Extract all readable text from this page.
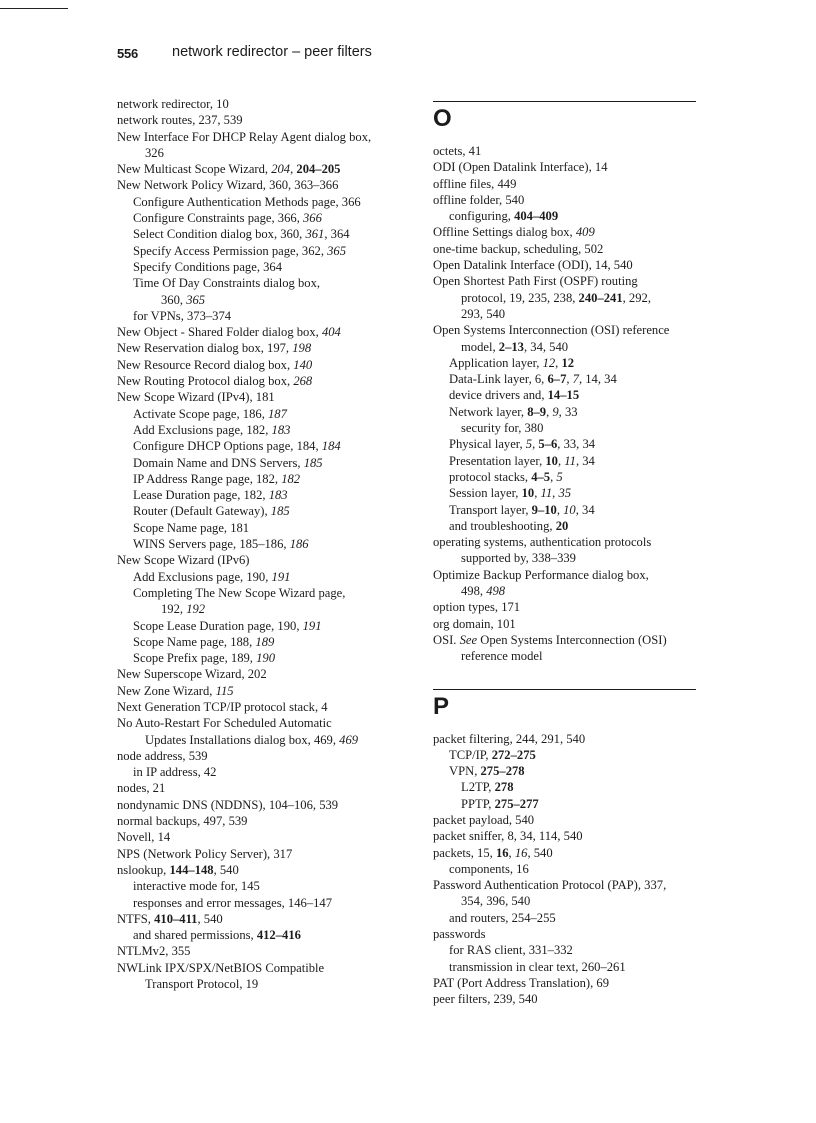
556 network redirector – peer filters
network redirector, 10
network routes, 237, 539
New Interface For DHCP Relay Agent dialog box,
326
New Multicast Scope Wizard, 204, 204–205
New Network Policy Wizard, 360, 363–366
Configure Authentication Methods page, 366
Configure Constraints page, 366, 366
Select Condition dialog box, 360, 361, 364
Specify Access Permission page, 362, 365
Specify Conditions page, 364
Time Of Day Constraints dialog box,
360, 365
for VPNs, 373–374
New Object - Shared Folder dialog box, 404
New Reservation dialog box, 197, 198
New Resource Record dialog box, 140
New Routing Protocol dialog box, 268
New Scope Wizard (IPv4), 181
Activate Scope page, 186, 187
Add Exclusions page, 182, 183
Configure DHCP Options page, 184, 184
Domain Name and DNS Servers, 185
IP Address Range page, 182, 182
Lease Duration page, 182, 183
Router (Default Gateway), 185
Scope Name page, 181
WINS Servers page, 185–186, 186
New Scope Wizard (IPv6)
Add Exclusions page, 190, 191
Completing The New Scope Wizard page,
192, 192
Scope Lease Duration page, 190, 191
Scope Name page, 188, 189
Scope Prefix page, 189, 190
New Superscope Wizard, 202
New Zone Wizard, 115
Next Generation TCP/IP protocol stack, 4
No Auto-Restart For Scheduled Automatic
Updates Installations dialog box, 469, 469
node address, 539
in IP address, 42
nodes, 21
nondynamic DNS (NDDNS), 104–106, 539
normal backups, 497, 539
Novell, 14
NPS (Network Policy Server), 317
nslookup, 144–148, 540
interactive mode for, 145
responses and error messages, 146–147
NTFS, 410–411, 540
and shared permissions, 412–416
NTLMv2, 355
NWLink IPX/SPX/NetBIOS Compatible
Transport Protocol, 19
O
octets, 41
ODI (Open Datalink Interface), 14
offline files, 449
offline folder, 540
configuring, 404–409
Offline Settings dialog box, 409
one-time backup, scheduling, 502
Open Datalink Interface (ODI), 14, 540
Open Shortest Path First (OSPF) routing
protocol, 19, 235, 238, 240–241, 292,
293, 540
Open Systems Interconnection (OSI) reference
model, 2–13, 34, 540
Application layer, 12, 12
Data-Link layer, 6, 6–7, 7, 14, 34
device drivers and, 14–15
Network layer, 8–9, 9, 33
security for, 380
Physical layer, 5, 5–6, 33, 34
Presentation layer, 10, 11, 34
protocol stacks, 4–5, 5
Session layer, 10, 11, 35
Transport layer, 9–10, 10, 34
and troubleshooting, 20
operating systems, authentication protocols
supported by, 338–339
Optimize Backup Performance dialog box,
498, 498
option types, 171
org domain, 101
OSI. See Open Systems Interconnection (OSI)
reference model
P
packet filtering, 244, 291, 540
TCP/IP, 272–275
VPN, 275–278
L2TP, 278
PPTP, 275–277
packet payload, 540
packet sniffer, 8, 34, 114, 540
packets, 15, 16, 16, 540
components, 16
Password Authentication Protocol (PAP), 337,
354, 396, 540
and routers, 254–255
passwords
for RAS client, 331–332
transmission in clear text, 260–261
PAT (Port Address Translation), 69
peer filters, 239, 540
